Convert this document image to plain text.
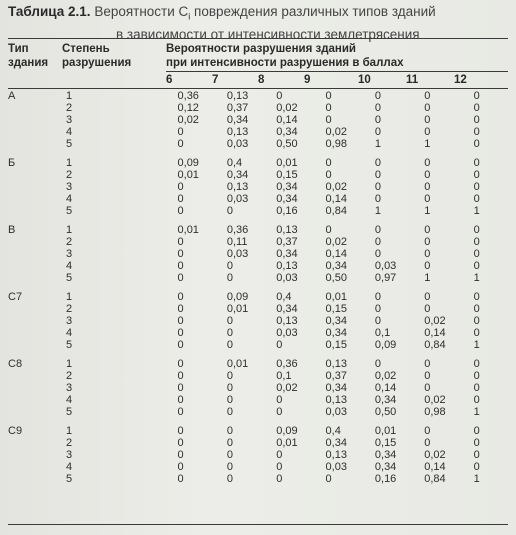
Таблица 2.1. Вероятности $C_i$ повреждения различных типов зданий
в зависимости от интенсивности землетрясения
Тип
здания
Степень
разрушения
Вероятности разрушения зданий
при интенсивности разрушения в баллах
6	7	8	9	10	11	12
А	1	0,36	0,13	0	0	0	0	0
	2	0,12	0,37	0,02	0	0	0	0
	3	0,02	0,34	0,14	0	0	0	0
	4	0	0,13	0,34	0,02	0	0	0
	5	0	0,03	0,50	0,98	1	1	0

Б	1	0,09	0,4	0,01	0	0	0	0
	2	0,01	0,34	0,15	0	0	0	0
	3	0	0,13	0,34	0,02	0	0	0
	4	0	0,03	0,34	0,14	0	0	0
	5	0	0	0,16	0,84	1	1	1

В	1	0,01	0,36	0,13	0	0	0	0
	2	0	0,11	0,37	0,02	0	0	0
	3	0	0,03	0,34	0,14	0	0	0
	4	0	0	0,13	0,34	0,03	0	0
	5	0	0	0,03	0,50	0,97	1	1

С7	1	0	0,09	0,4	0,01	0	0	0
	2	0	0,01	0,34	0,15	0	0	0
	3	0	0	0,13	0,34	0	0,02	0
	4	0	0	0,03	0,34	0,1	0,14	0
	5	0	0	0	0,15	0,09	0,84	1

С8	1	0	0,01	0,36	0,13	0	0	0
	2	0	0	0,1	0,37	0,02	0	0
	3	0	0	0,02	0,34	0,14	0	0
	4	0	0	0	0,13	0,34	0,02	0
	5	0	0	0	0,03	0,50	0,98	1

С9	1	0	0	0,09	0,4	0,01	0	0
	2	0	0	0,01	0,34	0,15	0	0
	3	0	0	0	0,13	0,34	0,02	0
	4	0	0	0	0,03	0,34	0,14	0
	5	0	0	0	0	0,16	0,84	1
